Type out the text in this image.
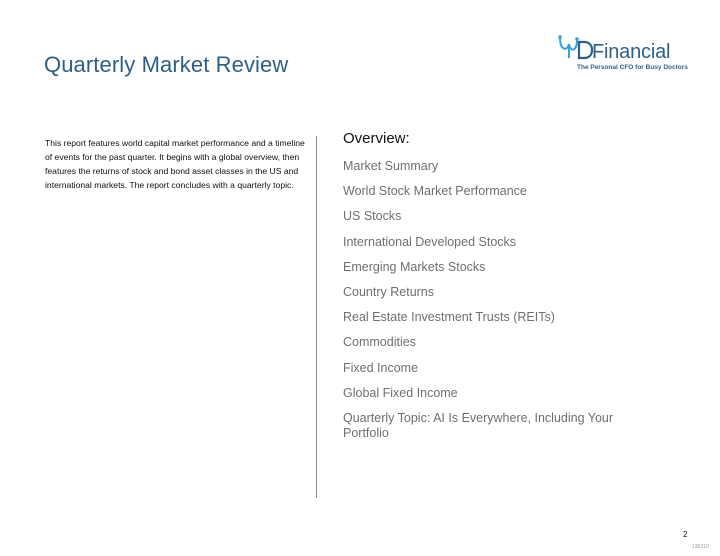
Quarterly Market Review	Financial
The Personal CFO for Busy Doctors
This report features world capital market performance and a timeline of events for the past quarter. It begins with a global overview, then features the returns of stock and bond asset classes in the US and international markets. The report concludes with a quarterly topic.
Overview:
Market Summary
World Stock Market Performance
US Stocks
International Developed Stocks
Emerging Markets Stocks
Country Returns
Real Estate Investment Trusts (REITs)
Commodities
Fixed Income
Global Fixed Income
Quarterly Topic: AI Is Everywhere, Including Your Portfolio
2
135210
